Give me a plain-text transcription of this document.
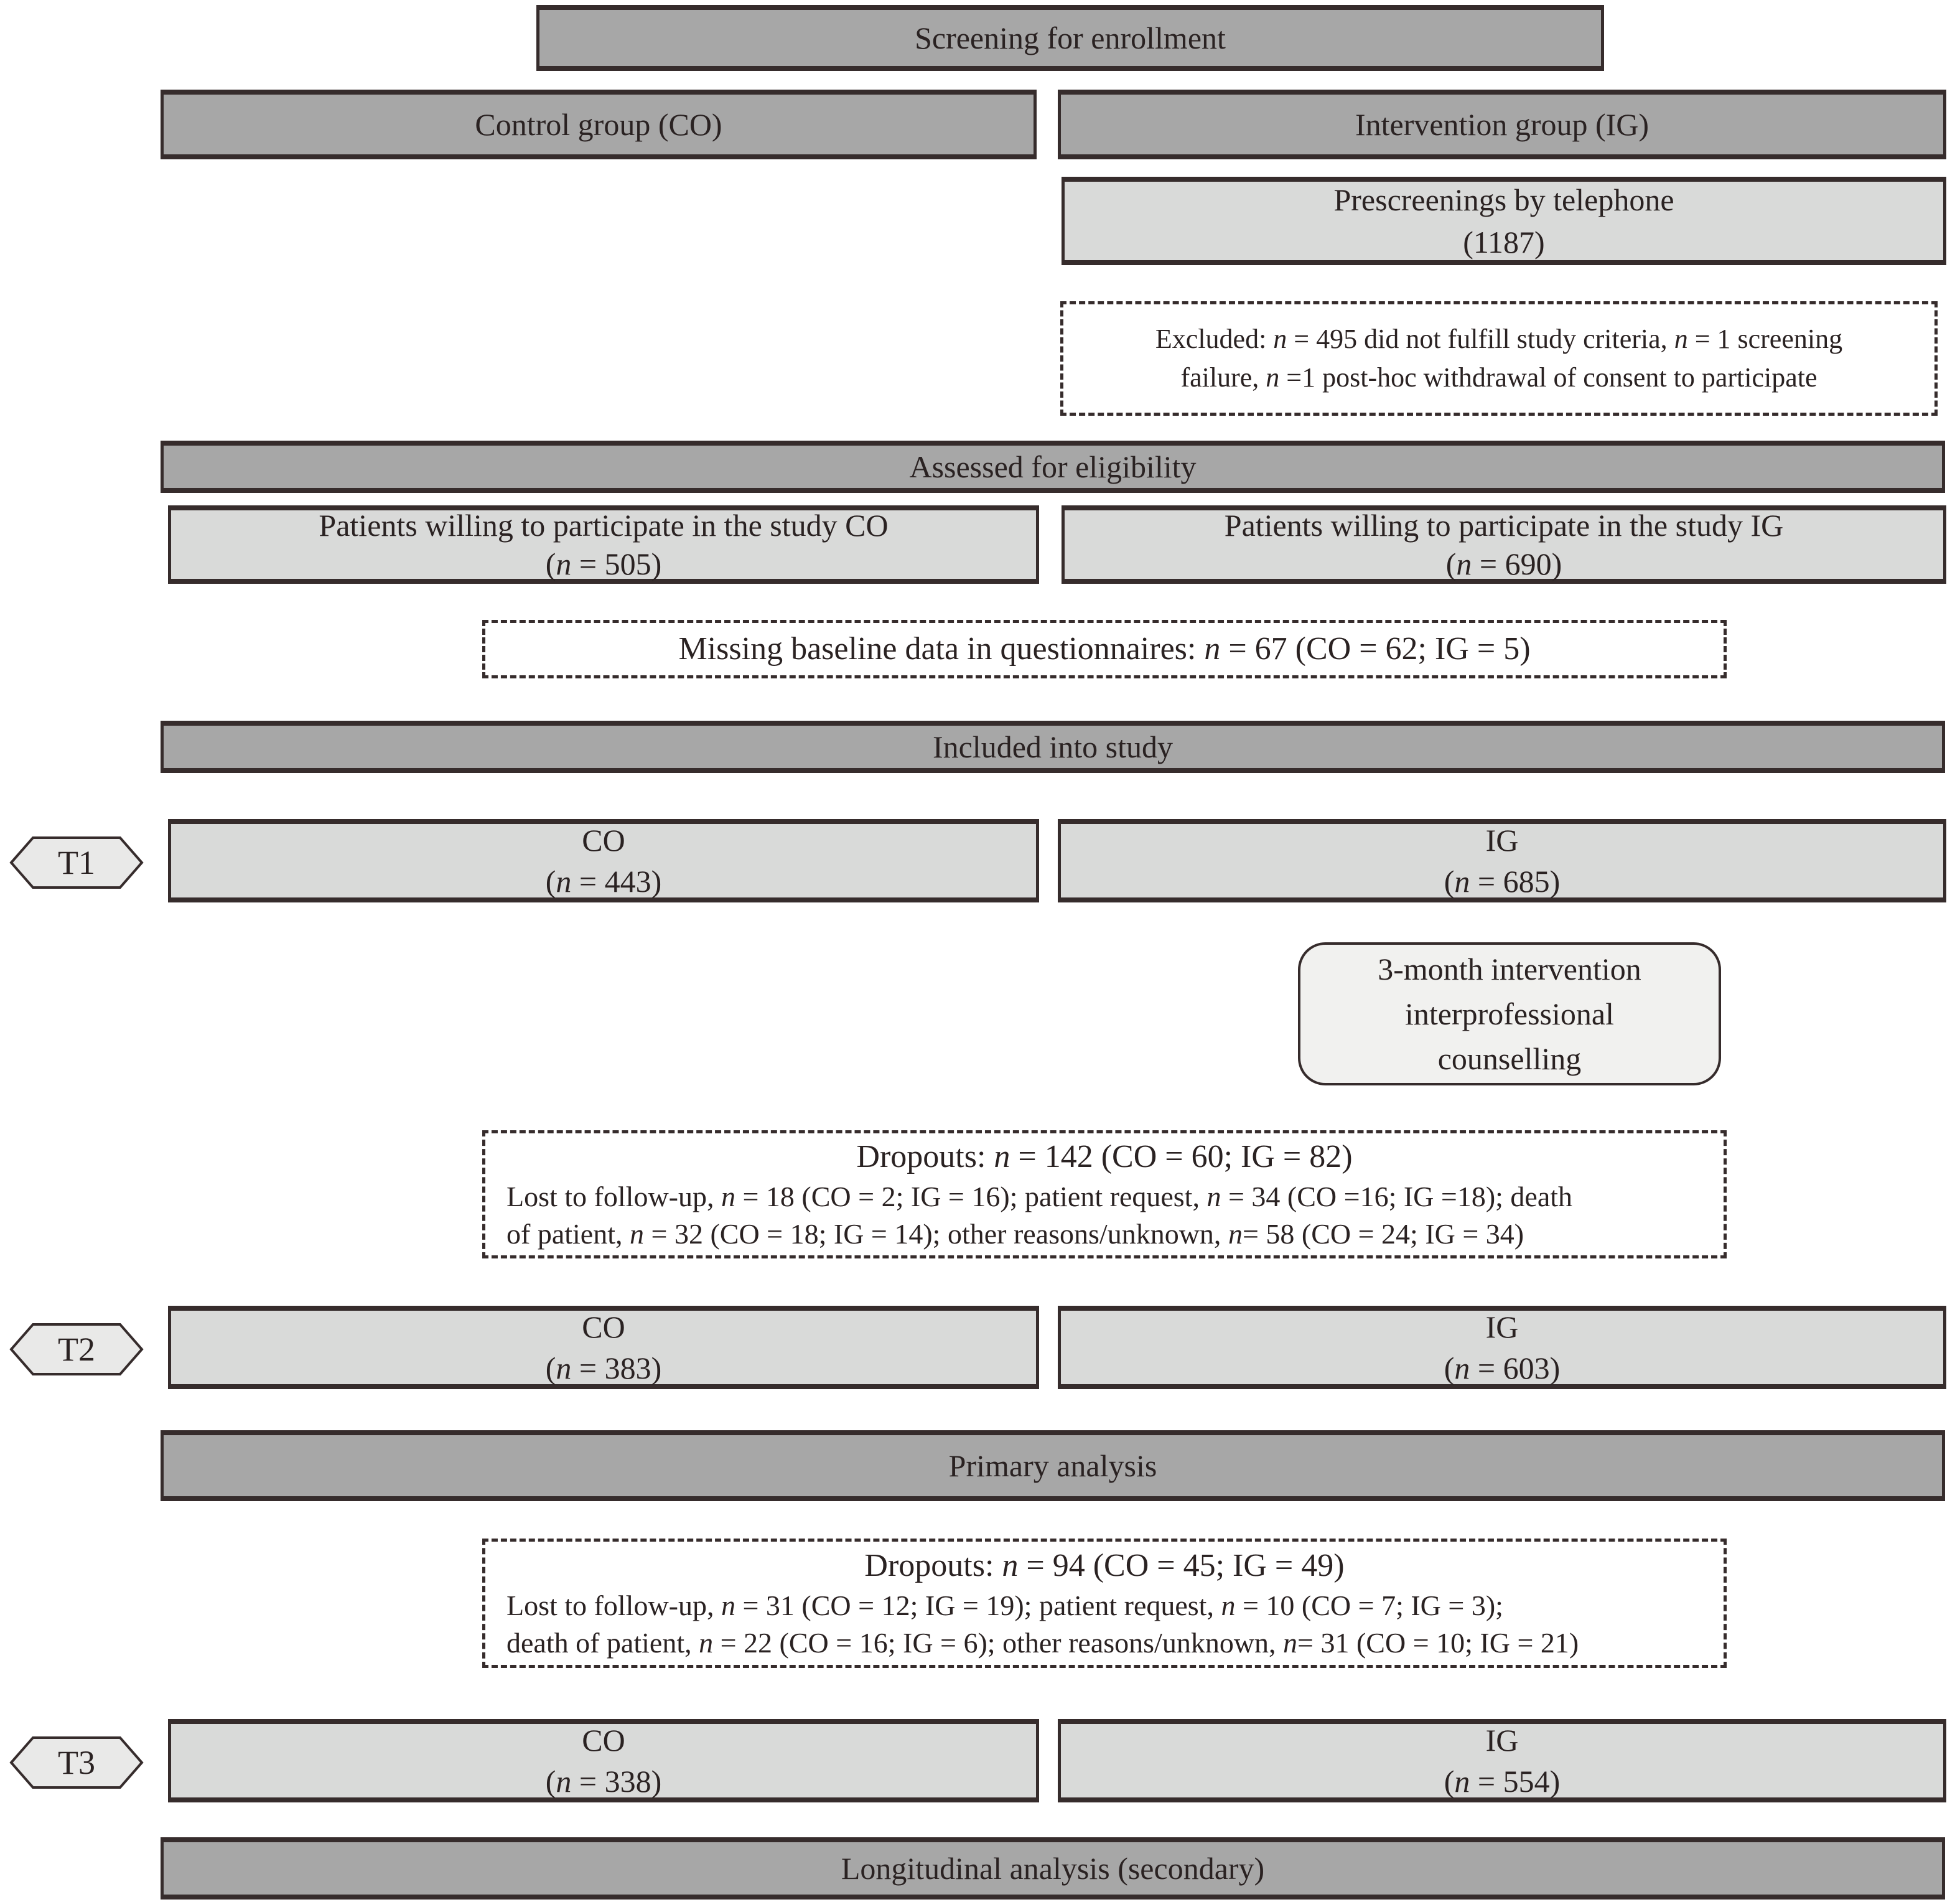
Screening for enrollment
Control group (CO)	Intervention group (IG)
Prescreenings by telephone
(1187)
Excluded: n = 495 did not fulfill study criteria, n = 1 screening
failure, n =1 post-hoc withdrawal of consent to participate
Assessed for eligibility
Patients willing to participate in the study CO
(n = 505)
Patients willing to participate in the study IG
(n = 690)
Missing baseline data in questionnaires: n = 67 (CO = 62; IG = 5)
Included into study
T1
CO
(n = 443)
IG
(n = 685)
3-month intervention
interprofessional
counselling
Dropouts: n = 142 (CO = 60; IG = 82)
Lost to follow-up, n = 18 (CO = 2; IG = 16); patient request, n = 34 (CO =16; IG =18); death
of patient, n = 32 (CO = 18; IG = 14); other reasons/unknown, n= 58 (CO = 24; IG = 34)
T2
CO
(n = 383)
IG
(n = 603)
Primary analysis
Dropouts: n = 94 (CO = 45; IG = 49)
Lost to follow-up, n = 31 (CO = 12; IG = 19); patient request, n = 10 (CO = 7; IG = 3);
death of patient, n = 22 (CO = 16; IG = 6); other reasons/unknown, n= 31 (CO = 10; IG = 21)
T3
CO
(n = 338)
IG
(n = 554)
Longitudinal analysis (secondary)
